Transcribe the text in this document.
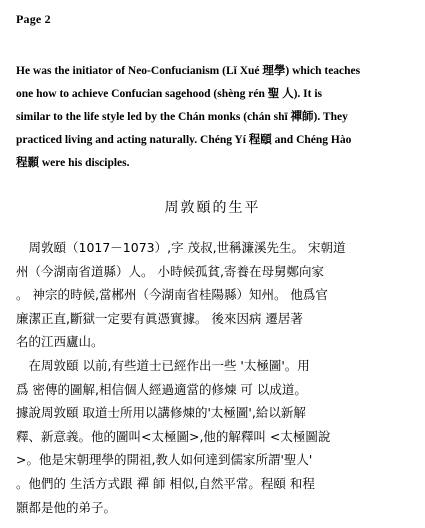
Page 2

He was the initiator of Neo-Confucianism (Lǐ Xué 理學) which teaches

one how to achieve Confucian sagehood (shèng rén 聖 人). It is

similar to the life style led by the Chán monks (chán shī 禪師). They

practiced living and acting naturally. Chéng Yí 程頤 and Chéng Hào

程顥 were his disciples.

周敦頤的生平

　周敦頤（1017－1073）,字 茂叔,世稱濂溪先生。 宋朝道

州（今湖南省道縣）人。 小時候孤貧,寄養在母舅鄭向家

。 神宗的時候,當郴州（今湖南省桂陽縣）知州。 他爲官

廉潔正直,斷獄一定要有眞憑實據。 後來因病 遷居著

名的江西廬山。

　在周敦頤 以前,有些道士已經作出一些 '太極圖'。用

爲 密傳的圖解,相信個人經過適當的修煉 可 以成道。

據說周敦頤 取道士所用以講修煉的'太極圖',給以新解

釋、新意義。他的圖叫<太極圖>,他的解釋叫 <太極圖說

>。他是宋朝理學的開祖,教人如何達到儒家所謂'聖人'

。他們的 生活方式跟 禪 師 相似,自然平常。程頤 和程

顥都是他的弟子。
